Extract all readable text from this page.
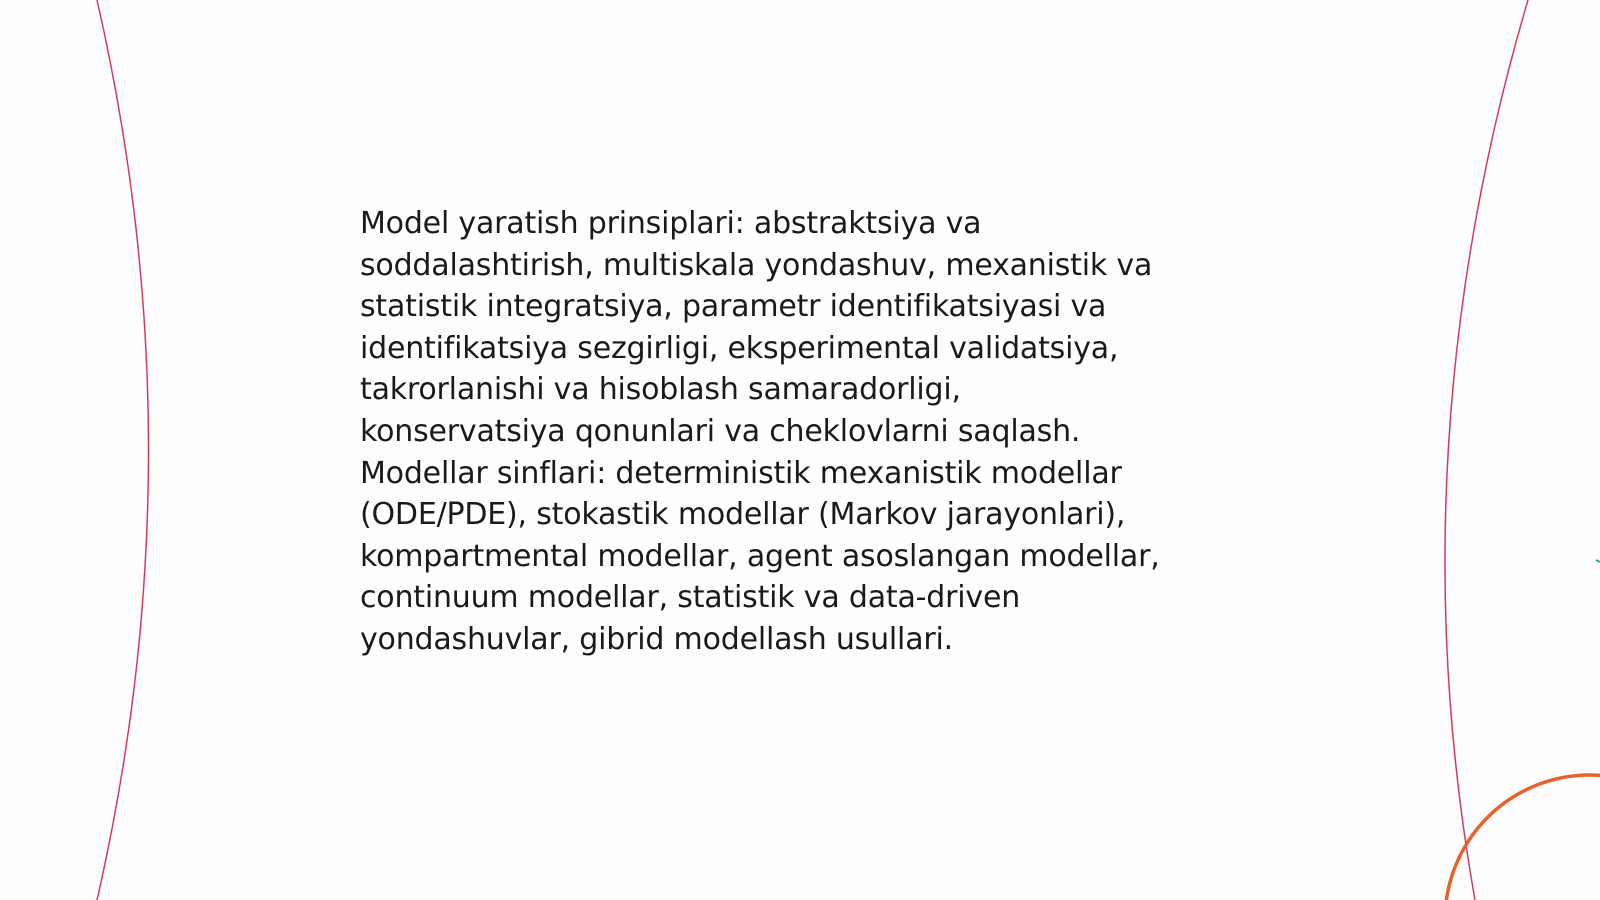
Model yaratish prinsiplari: abstraktsiya va
soddalashtirish, multiskala yondashuv, mexanistik va
statistik integratsiya, parametr identifikatsiyasi va
identifikatsiya sezgirligi, eksperimental validatsiya,
takrorlanishi va hisoblash samaradorligi,
konservatsiya qonunlari va cheklovlarni saqlash.
Modellar sinflari: deterministik mexanistik modellar
(ODE/PDE), stokastik modellar (Markov jarayonlari),
kompartmental modellar, agent asoslangan modellar,
continuum modellar, statistik va data-driven
yondashuvlar, gibrid modellash usullari.
